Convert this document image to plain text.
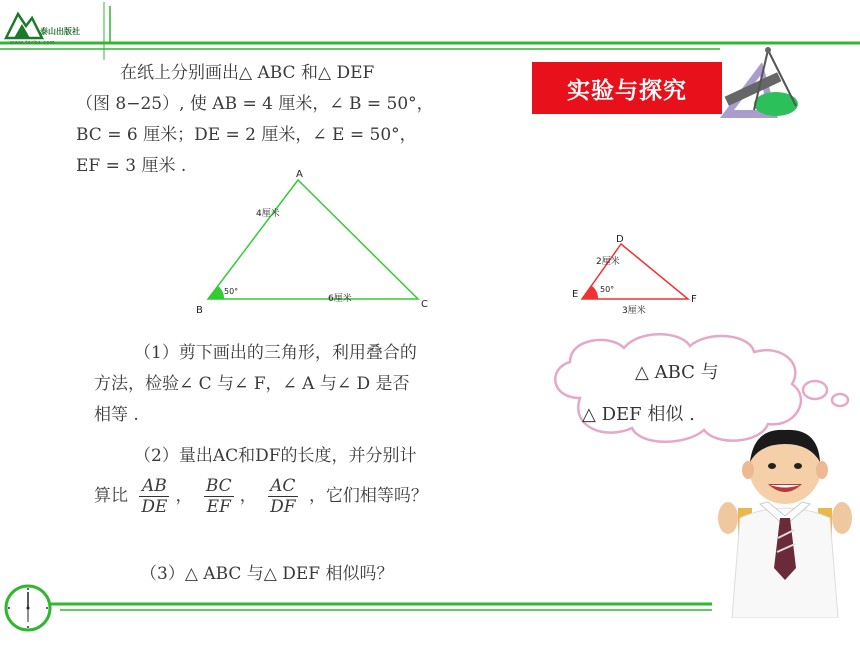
泰山出版社
www.tscbs.com

在纸上分别画出△ ABC 和△ DEF

（图 8−25）, 使 AB = 4 厘米，∠ B = 50°，

BC = 6 厘米；DE = 2 厘米，∠ E = 50°，

EF = 3 厘米 .

实验与探究
A
B
C
4厘米
6厘米
50°
D
E	F
2厘米
3厘米
50°
△ ABC 与
△ DEF 相似 .
（1）剪下画出的三角形，利用叠合的
方法，检验∠ C 与∠ F，∠ A 与∠ D 是否
相等 .
（2）量出AC和DF的长度，并分别计
算比 $\frac{AB}{DE}$ ， $\frac{BC}{EF}$ ， $\frac{AC}{DF}$ ，它们相等吗？
（3）△ ABC 与△ DEF 相似吗？
